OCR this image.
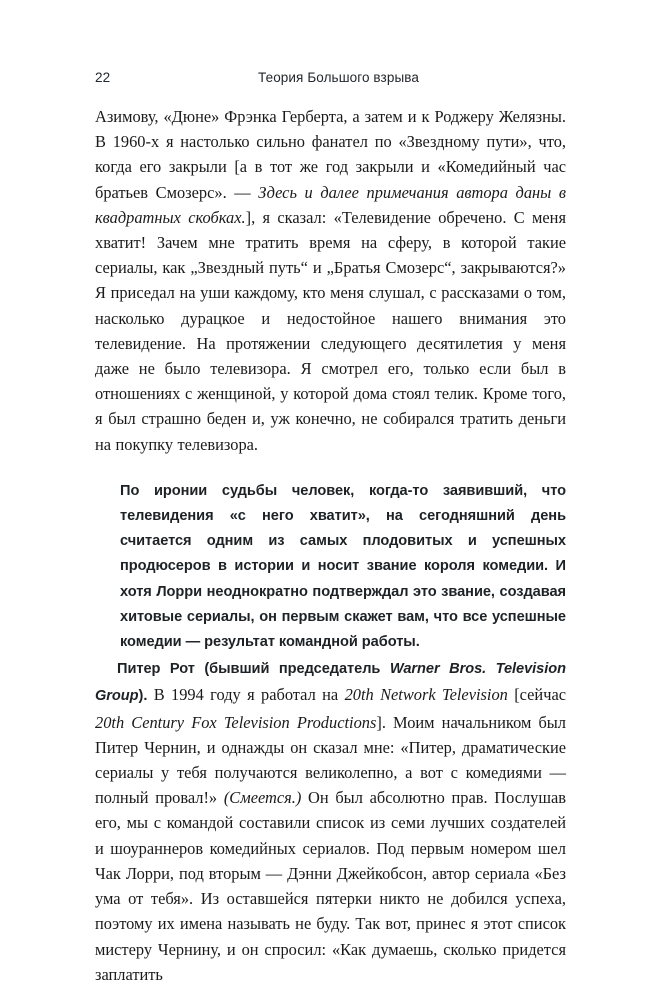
22	Теория Большого взрыва

Азимову, «Дюне» Фрэнка Герберта, а затем и к Роджеру Желязны. В 1960-х я настолько сильно фанател по «Звездному пути», что, когда его закрыли [а в тот же год закрыли и «Комедийный час братьев Смозерс». — Здесь и далее примечания автора даны в квадратных скобках.], я сказал: «Телевидение обречено. С меня хватит! Зачем мне тратить время на сферу, в которой такие сериалы, как „Звездный путь“ и „Братья Смозерс“, закрываются?» Я приседал на уши каждому, кто меня слушал, с рассказами о том, насколько дурацкое и недостойное нашего внимания это телевидение. На протяжении следующего десятилетия у меня даже не было телевизора. Я смотрел его, только если был в отношениях с женщиной, у которой дома стоял телик. Кроме того, я был страшно беден и, уж конечно, не собирался тратить деньги на покупку телевизора.

По иронии судьбы человек, когда-то заявивший, что телевидения «с него хватит», на сегодняшний день считается одним из самых плодовитых и успешных продюсеров в истории и носит звание короля комедии. И хотя Лорри неоднократно подтверждал это звание, создавая хитовые сериалы, он первым скажет вам, что все успешные комедии — результат командной работы.

Питер Рот (бывший председатель Warner Bros. Television Group). В 1994 году я работал на 20th Network Television [сейчас 20th Century Fox Television Productions]. Моим начальником был Питер Чернин, и однажды он сказал мне: «Питер, драматические сериалы у тебя получаются великолепно, а вот с комедиями — полный провал!» (Смеется.) Он был абсолютно прав. Послушав его, мы с командой составили список из семи лучших создателей и шоураннеров комедийных сериалов. Под первым номером шел Чак Лорри, под вторым — Дэнни Джейкобсон, автор сериала «Без ума от тебя». Из оставшейся пятерки никто не добился успеха, поэтому их имена называть не буду. Так вот, принес я этот список мистеру Чернину, и он спросил: «Как думаешь, сколько придется заплатить
